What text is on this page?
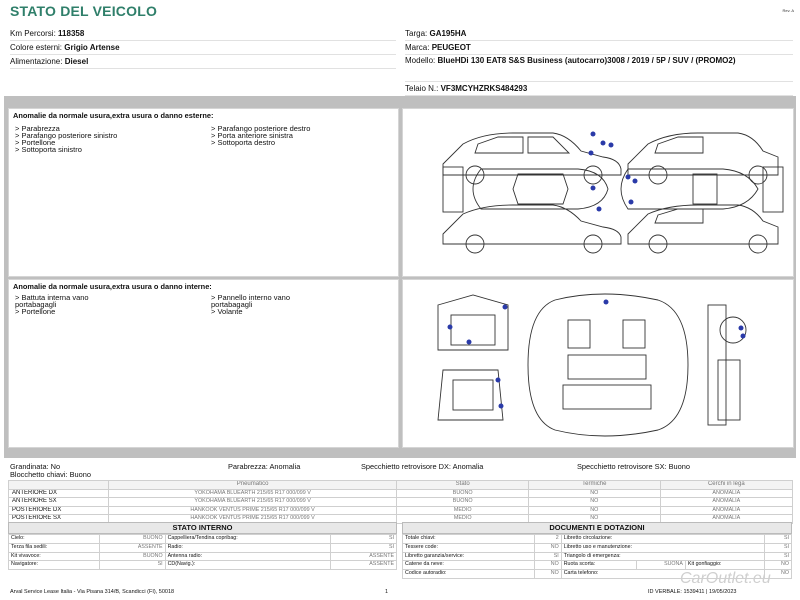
STATO DEL VEICOLO	Rev. A
Km Percorsi: 118358
Colore esterni: Grigio Artense
Alimentazione: Diesel
Targa: GA195HA
Marca: PEUGEOT
Modello: BlueHDi 130 EAT8 S&S Business (autocarro)3008 / 2019 / 5P / SUV / (PROMO2)
Telaio N.: VF3MCYHZRKS484293
Anomalie da normale usura,extra usura o danno esterne:
> Parabrezza
> Parafango posteriore sinistro
> Portellone
> Sottoporta sinistro
> Parafango posteriore destro
> Porta anteriore sinistra
> Sottoporta destro
Anomalie da normale usura,extra usura o danno interne:
> Battuta interna vano
portabagagli
> Portellone
> Pannello interno vano
portabagagli
> Volante
Grandinata: No	Parabrezza: Anomalia	Specchietto retrovisore DX: Anomalia	Specchietto retrovisore SX: Buono
Blocchetto chiavi: Buono
	Pneumatico	Stato	Termiche	Cerchi in lega
ANTERIORE DX	YOKOHAMA BLUEARTH 215/65 R17 000/099 V	BUONO	NO	ANOMALIA
ANTERIORE SX	YOKOHAMA BLUEARTH 215/65 R17 000/099 V	BUONO	NO	ANOMALIA
POSTERIORE DX	HANKOOK VENTUS PRIME 215/65 R17 000/099 V	MEDIO	NO	ANOMALIA
POSTERIORE SX	HANKOOK VENTUS PRIME 215/65 R17 000/099 V	MEDIO	NO	ANOMALIA
STATO INTERNO
Cielo:	BUONO	Cappelliera/Tendina copribag:	SI
Terza fila sedili:	ASSENTE	Radio:	SI
Kit vivavoce:	BUONO	Antenna radio:	ASSENTE
Navigatore:	SI	CD(Navig.):	ASSENTE
DOCUMENTI E DOTAZIONI
Totale chiavi:	2	Libretto circolazione:			SI
Tessere code:	NO	Libretto uso e manutenzione:			SI
Libretto garanzia/service:	SI	Triangolo di emergenza:			SI
Catene da neve:	NO	Ruota scorta:	SUONA	Kit gonfiaggio:	NO
Codice autoradio:	NO	Carta telefono:			NO
Arval Service Lease Italia - Via Pisana 314/B, Scandicci (FI), 50018	1	ID VERBALE: 1539411 | 19/05/2023
CarOutlet.eu
